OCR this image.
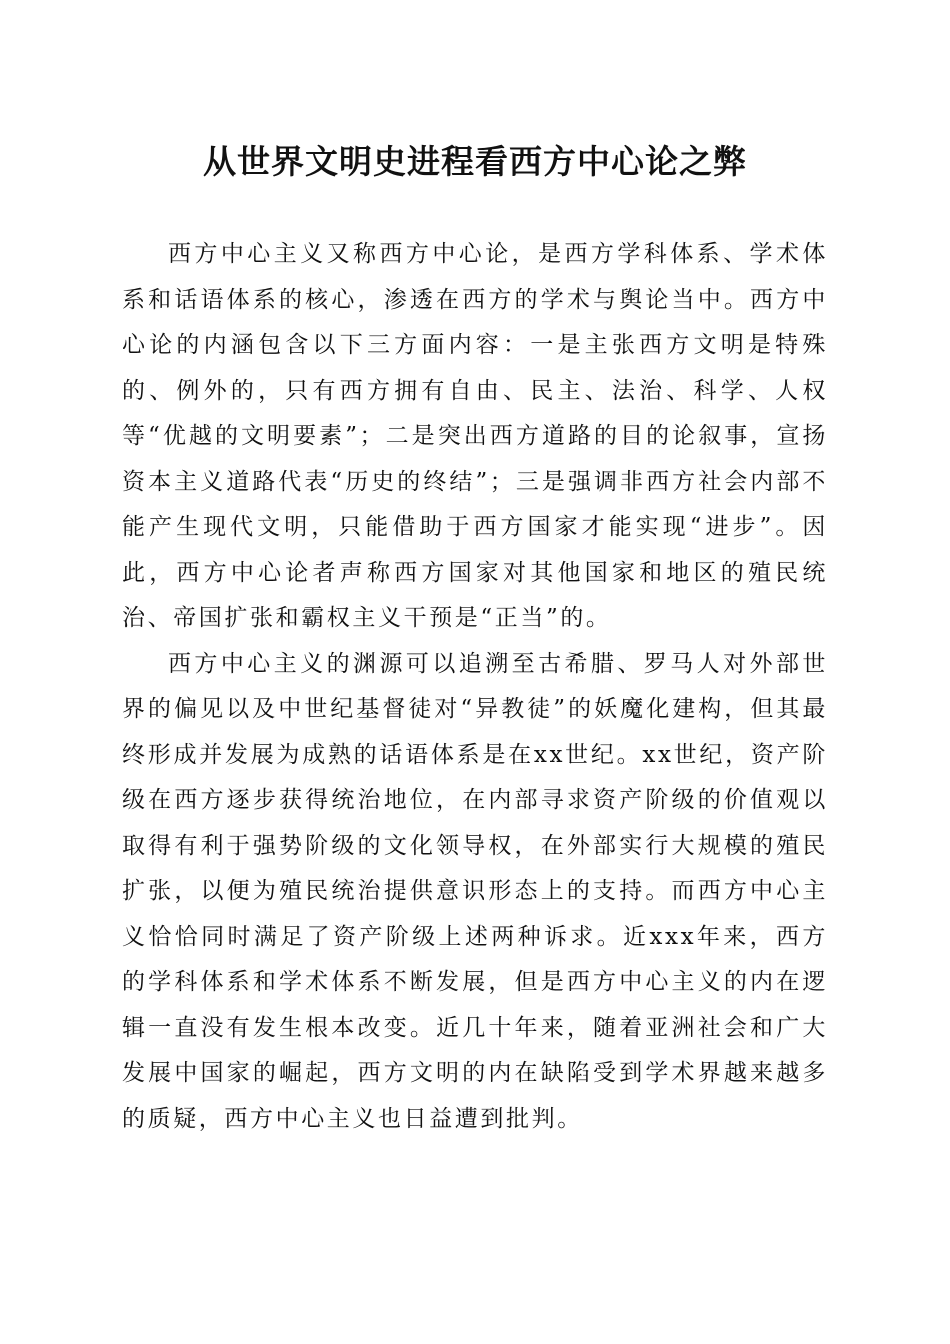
从世界文明史进程看西方中心论之弊

西方中心主义又称西方中心论，是西方学科体系、学术体系和话语体系的核心，渗透在西方的学术与舆论当中。西方中心论的内涵包含以下三方面内容：一是主张西方文明是特殊的、例外的，只有西方拥有自由、民主、法治、科学、人权等“优越的文明要素”；二是突出西方道路的目的论叙事，宣扬资本主义道路代表“历史的终结”；三是强调非西方社会内部不能产生现代文明，只能借助于西方国家才能实现“进步”。因此，西方中心论者声称西方国家对其他国家和地区的殖民统治、帝国扩张和霸权主义干预是“正当”的。

西方中心主义的渊源可以追溯至古希腊、罗马人对外部世界的偏见以及中世纪基督徒对“异教徒”的妖魔化建构，但其最终形成并发展为成熟的话语体系是在xx世纪。xx世纪，资产阶级在西方逐步获得统治地位，在内部寻求资产阶级的价值观以取得有利于强势阶级的文化领导权，在外部实行大规模的殖民扩张，以便为殖民统治提供意识形态上的支持。而西方中心主义恰恰同时满足了资产阶级上述两种诉求。近xxx年来，西方的学科体系和学术体系不断发展，但是西方中心主义的内在逻辑一直没有发生根本改变。近几十年来，随着亚洲社会和广大发展中国家的崛起，西方文明的内在缺陷受到学术界越来越多的质疑，西方中心主义也日益遭到批判。
